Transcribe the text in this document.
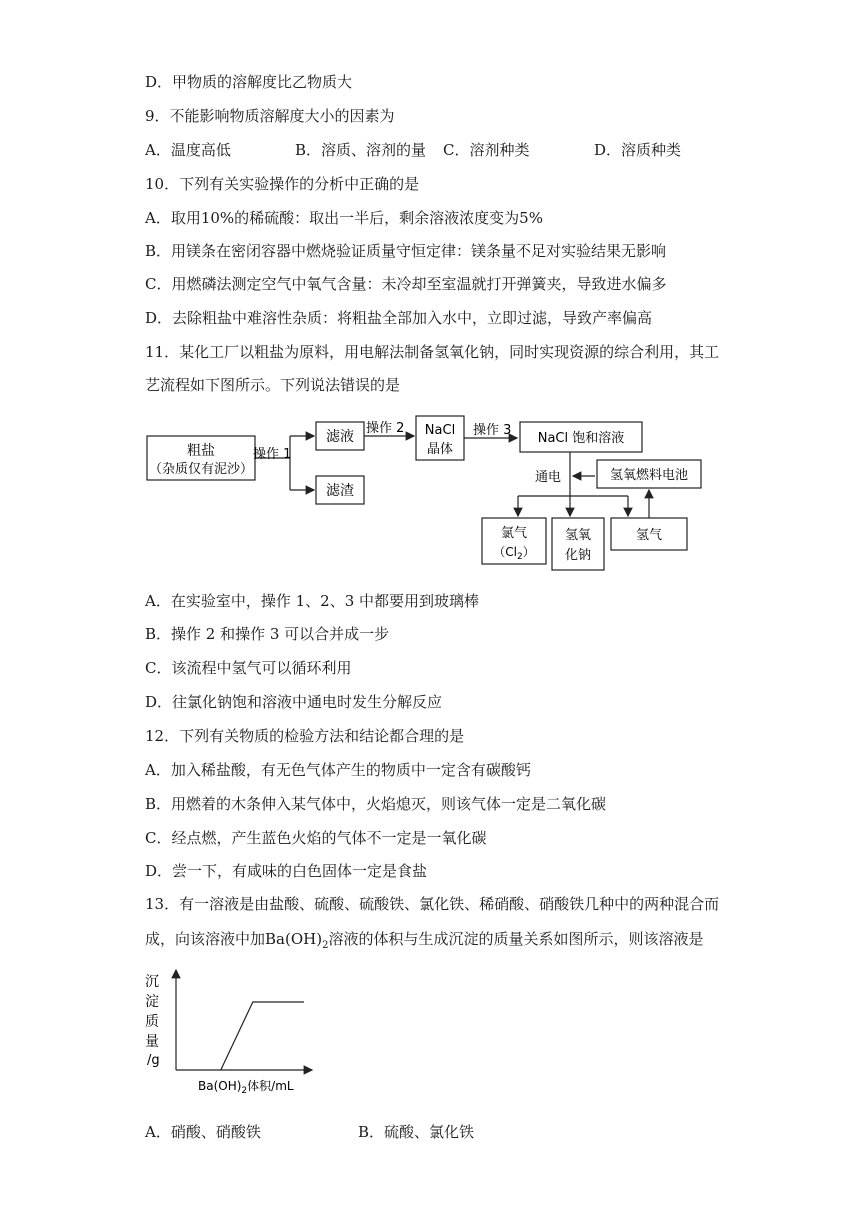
D．甲物质的溶解度比乙物质大
9．不能影响物质溶解度大小的因素为
A．温度高低	B．溶质、溶剂的量 C．溶剂种类	D．溶质种类
10．下列有关实验操作的分析中正确的是
A．取用10%的稀硫酸：取出一半后，剩余溶液浓度变为5%
B．用镁条在密闭容器中燃烧验证质量守恒定律：镁条量不足对实验结果无影响
C．用燃磷法测定空气中氧气含量：未冷却至室温就打开弹簧夹，导致进水偏多
D．去除粗盐中难溶性杂质：将粗盐全部加入水中，立即过滤，导致产率偏高
11．某化工厂以粗盐为原料，用电解法制备氢氧化钠，同时实现资源的综合利用，其工
艺流程如下图所示。下列说法错误的是
粗盐
（杂质仅有泥沙）
操作 1
滤液
滤渣
操作 2 NaCl
晶体
操作 3
NaCl 饱和溶液
通电	氢氧燃料电池
氯气
$(Cl_2)$
氢氧
化钠
氢气
A．在实验室中，操作 1、2、3 中都要用到玻璃棒
B．操作 2 和操作 3 可以合并成一步
C．该流程中氢气可以循环利用
D．往氯化钠饱和溶液中通电时发生分解反应
12．下列有关物质的检验方法和结论都合理的是
A．加入稀盐酸，有无色气体产生的物质中一定含有碳酸钙
B．用燃着的木条伸入某气体中，火焰熄灭，则该气体一定是二氧化碳
C．经点燃，产生蓝色火焰的气体不一定是一氧化碳
D．尝一下，有咸味的白色固体一定是食盐
13．有一溶液是由盐酸、硫酸、硫酸铁、氯化铁、稀硝酸、硝酸铁几种中的两种混合而
成，向该溶液中加$Ba(OH)_2$溶液的体积与生成沉淀的质量关系如图所示，则该溶液是
沉
淀
质
量
/g
$Ba(OH)_2$体积/mL
A．硝酸、硝酸铁	B．硫酸、氯化铁
